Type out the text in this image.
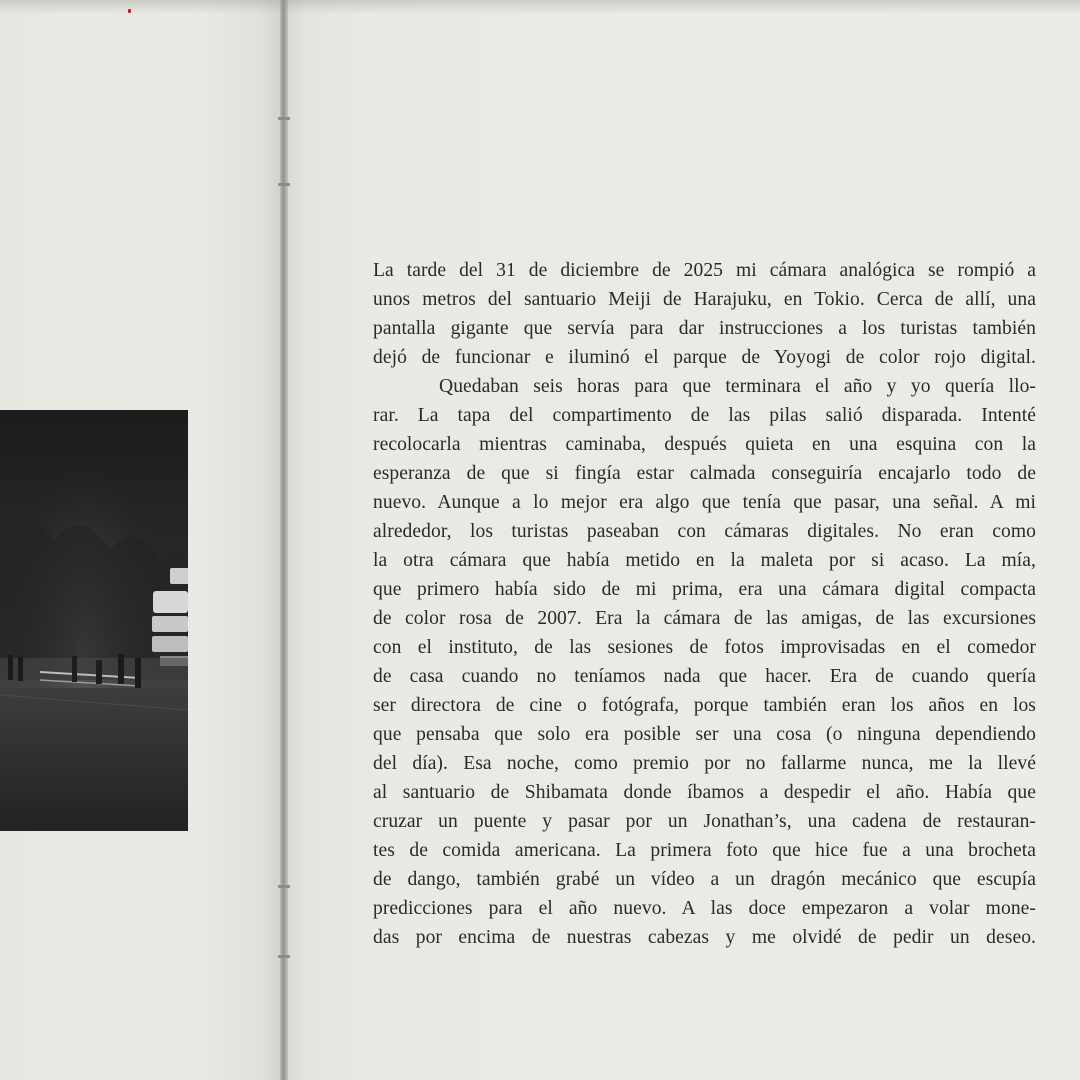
La tarde del 31 de diciembre de 2025 mi cámara analógica se rompió a
unos metros del santuario Meiji de Harajuku, en Tokio. Cerca de allí, una
pantalla gigante que servía para dar instrucciones a los turistas también
dejó de funcionar e iluminó el parque de Yoyogi de color rojo digital.
Quedaban seis horas para que terminara el año y yo quería llo-
rar. La tapa del compartimento de las pilas salió disparada. Intenté
recolocarla mientras caminaba, después quieta en una esquina con la
esperanza de que si fingía estar calmada conseguiría encajarlo todo de
nuevo. Aunque a lo mejor era algo que tenía que pasar, una señal. A mi
alrededor, los turistas paseaban con cámaras digitales. No eran como
la otra cámara que había metido en la maleta por si acaso. La mía,
que primero había sido de mi prima, era una cámara digital compacta
de color rosa de 2007. Era la cámara de las amigas, de las excursiones
con el instituto, de las sesiones de fotos improvisadas en el comedor
de casa cuando no teníamos nada que hacer. Era de cuando quería
ser directora de cine o fotógrafa, porque también eran los años en los
que pensaba que solo era posible ser una cosa (o ninguna dependiendo
del día). Esa noche, como premio por no fallarme nunca, me la llevé
al santuario de Shibamata donde íbamos a despedir el año. Había que
cruzar un puente y pasar por un Jonathan’s, una cadena de restauran-
tes de comida americana. La primera foto que hice fue a una brocheta
de dango, también grabé un vídeo a un dragón mecánico que escupía
predicciones para el año nuevo. A las doce empezaron a volar mone-
das por encima de nuestras cabezas y me olvidé de pedir un deseo.
